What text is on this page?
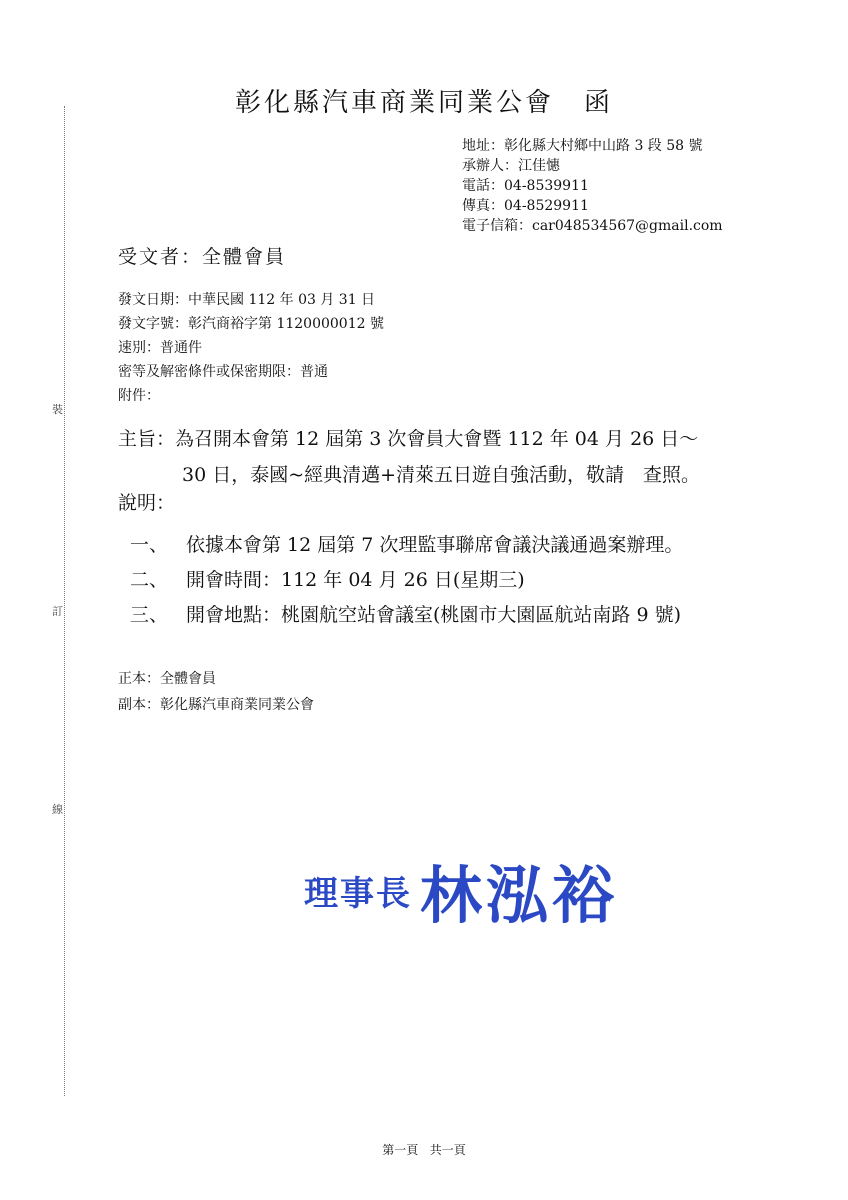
裝
訂
線
彰化縣汽車商業同業公會 函
地址：彰化縣大村鄉中山路 3 段 58 號
承辦人：江佳憓
電話：04-8539911
傳真：04-8529911
電子信箱：car048534567@gmail.com
受文者：全體會員
發文日期：中華民國 112 年 03 月 31 日
發文字號：彰汽商裕字第 1120000012 號
速別：普通件
密等及解密條件或保密期限：普通
附件：
主旨：為召開本會第 12 屆第 3 次會員大會暨 112 年 04 月 26 日～
30 日，泰國~經典清邁+清萊五日遊自強活動，敬請　查照。
說明：
一、 依據本會第 12 屆第 7 次理監事聯席會議決議通過案辦理。
二、 開會時間：112 年 04 月 26 日(星期三)
三、 開會地點：桃園航空站會議室(桃園市大園區航站南路 9 號)
正本：全體會員
副本：彰化縣汽車商業同業公會
理事長 林泓裕
第一頁 共一頁
